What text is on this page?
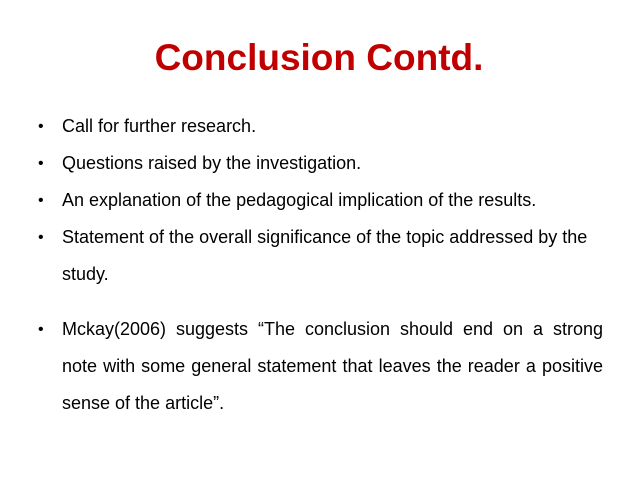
Conclusion Contd.
• Call for further research.
• Questions raised by the investigation.
• An explanation of the pedagogical implication of the results.
• Statement of the overall significance of the topic addressed by the study.
• Mckay(2006) suggests “The conclusion should end on a strong note with some general statement that leaves the reader a positive sense of the article”.
